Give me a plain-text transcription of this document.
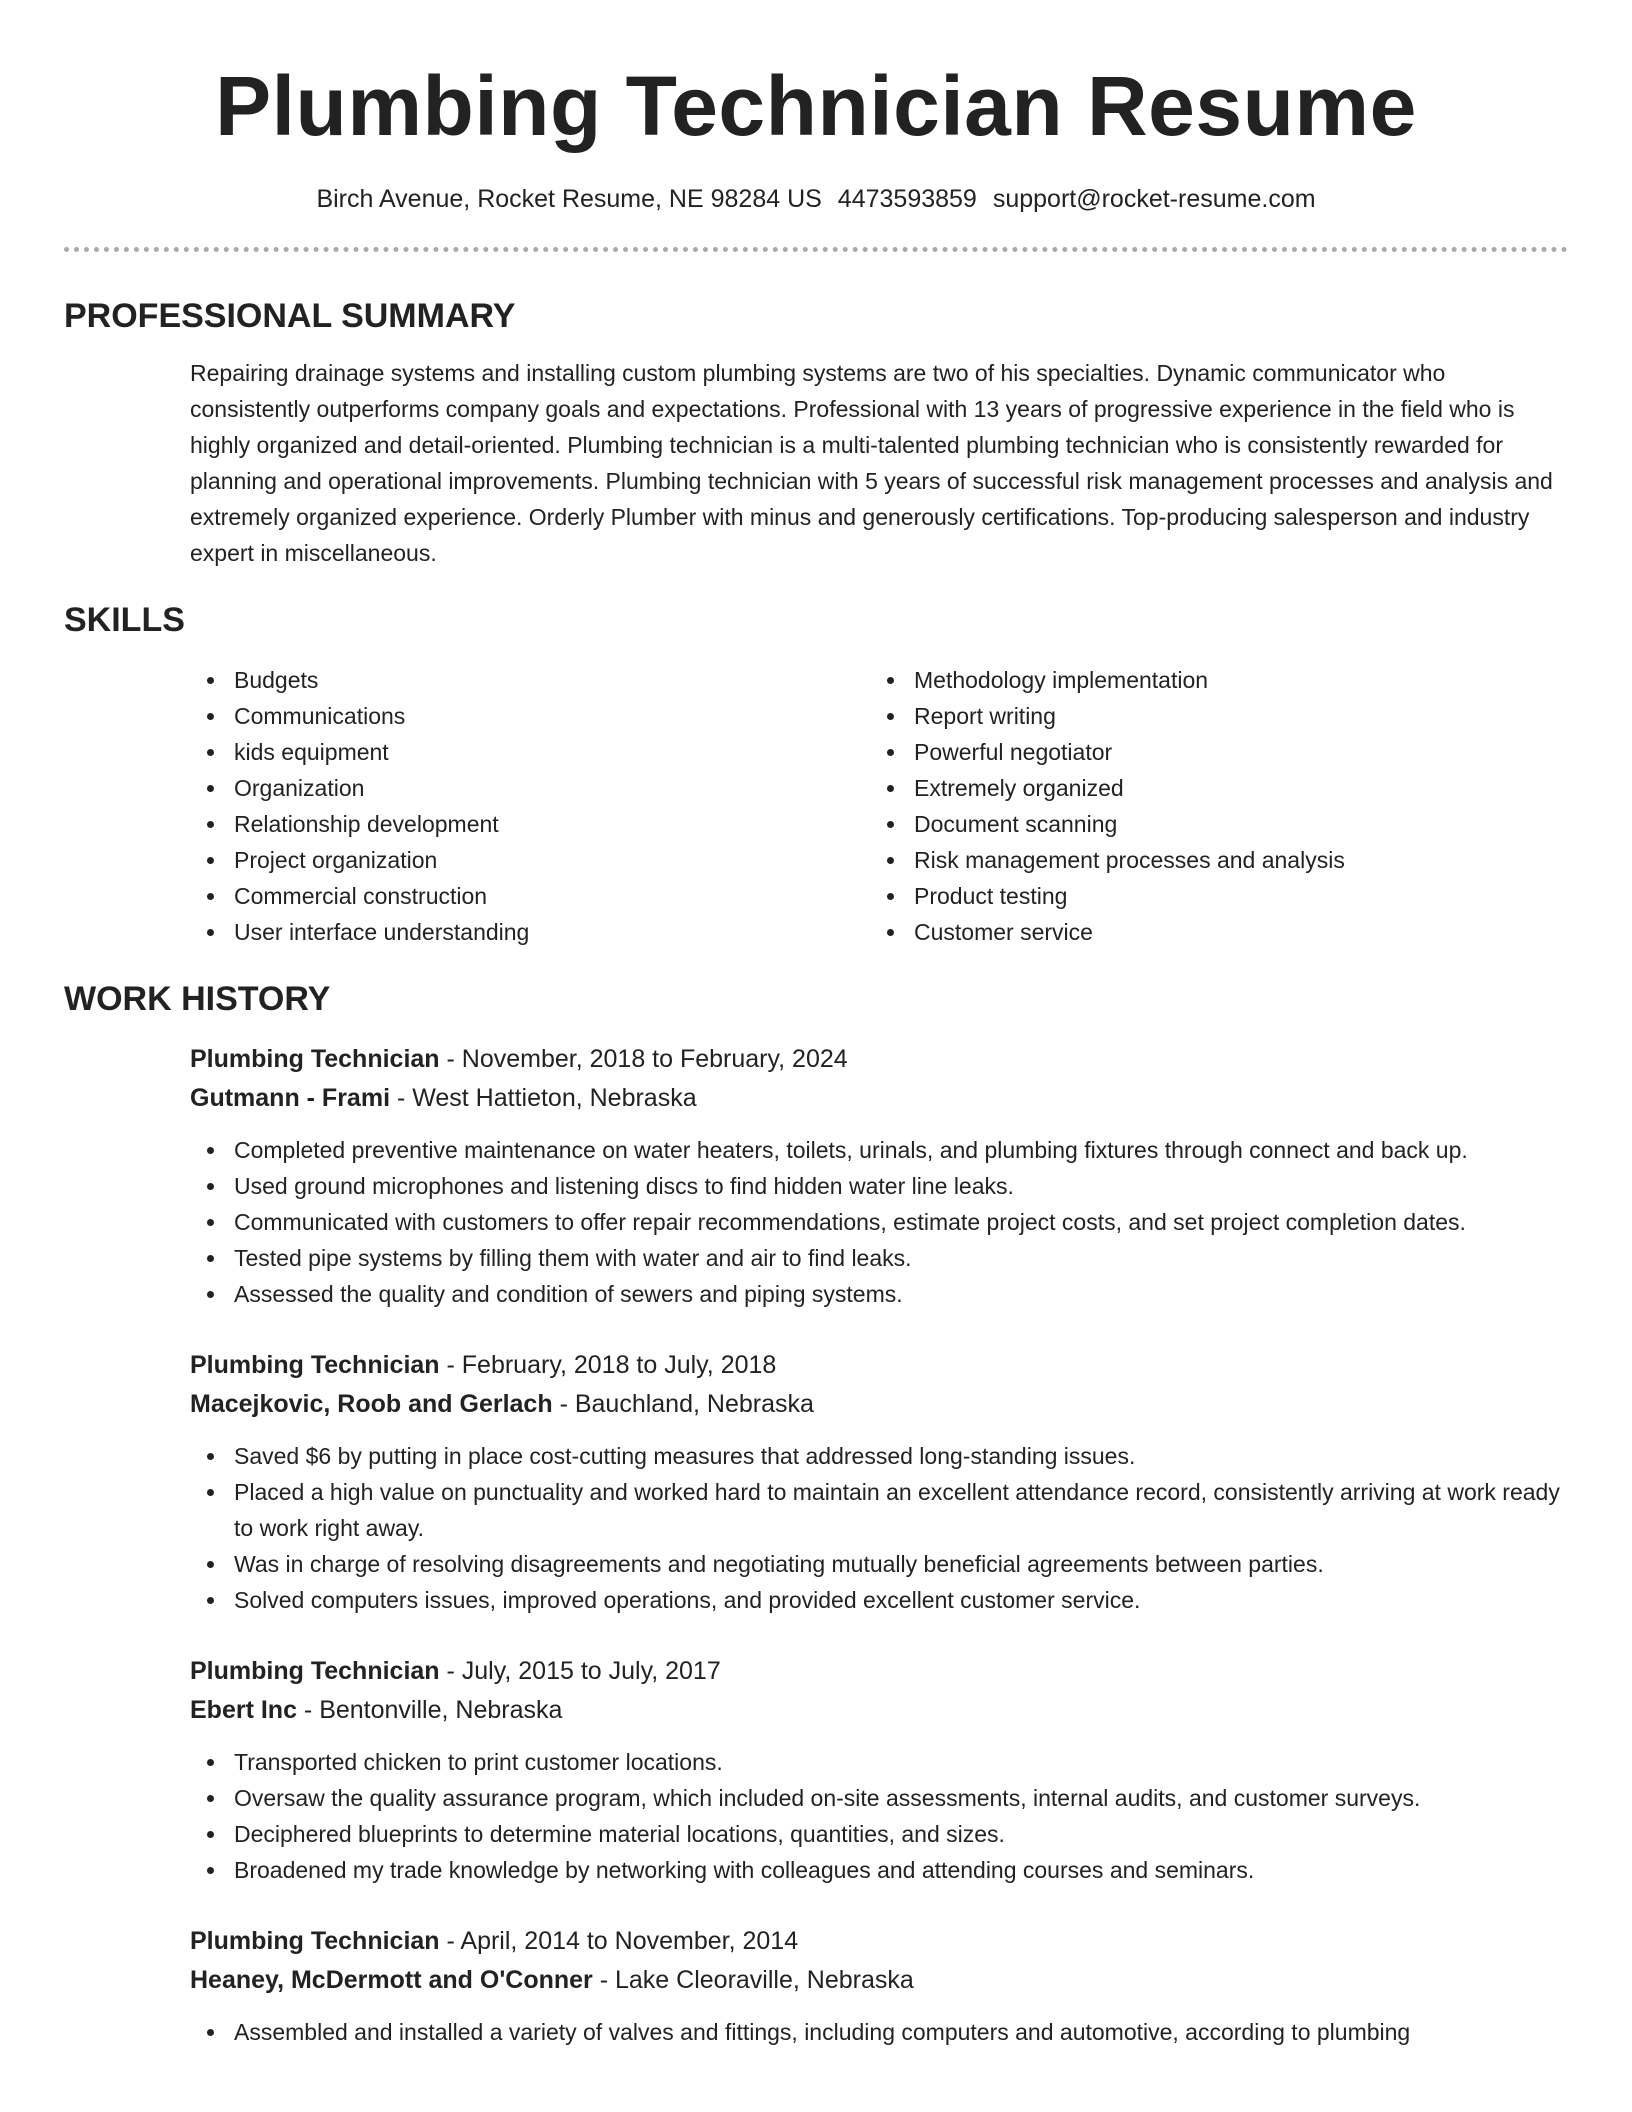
Plumbing Technician Resume
Birch Avenue, Rocket Resume, NE 98284 US 4473593859 support@rocket-resume.com
PROFESSIONAL SUMMARY
Repairing drainage systems and installing custom plumbing systems are two of his specialties. Dynamic communicator who consistently outperforms company goals and expectations. Professional with 13 years of progressive experience in the field who is highly organized and detail-oriented. Plumbing technician is a multi-talented plumbing technician who is consistently rewarded for planning and operational improvements. Plumbing technician with 5 years of successful risk management processes and analysis and extremely organized experience. Orderly Plumber with minus and generously certifications. Top-producing salesperson and industry expert in miscellaneous.
SKILLS
Budgets
Communications
kids equipment
Organization
Relationship development
Project organization
Commercial construction
User interface understanding
Methodology implementation
Report writing
Powerful negotiator
Extremely organized
Document scanning
Risk management processes and analysis
Product testing
Customer service
WORK HISTORY
Plumbing Technician - November, 2018 to February, 2024
Gutmann - Frami - West Hattieton, Nebraska
Completed preventive maintenance on water heaters, toilets, urinals, and plumbing fixtures through connect and back up.
Used ground microphones and listening discs to find hidden water line leaks.
Communicated with customers to offer repair recommendations, estimate project costs, and set project completion dates.
Tested pipe systems by filling them with water and air to find leaks.
Assessed the quality and condition of sewers and piping systems.
Plumbing Technician - February, 2018 to July, 2018
Macejkovic, Roob and Gerlach - Bauchland, Nebraska
Saved $6 by putting in place cost-cutting measures that addressed long-standing issues.
Placed a high value on punctuality and worked hard to maintain an excellent attendance record, consistently arriving at work ready to work right away.
Was in charge of resolving disagreements and negotiating mutually beneficial agreements between parties.
Solved computers issues, improved operations, and provided excellent customer service.
Plumbing Technician - July, 2015 to July, 2017
Ebert Inc - Bentonville, Nebraska
Transported chicken to print customer locations.
Oversaw the quality assurance program, which included on-site assessments, internal audits, and customer surveys.
Deciphered blueprints to determine material locations, quantities, and sizes.
Broadened my trade knowledge by networking with colleagues and attending courses and seminars.
Plumbing Technician - April, 2014 to November, 2014
Heaney, McDermott and O'Conner - Lake Cleoraville, Nebraska
Assembled and installed a variety of valves and fittings, including computers and automotive, according to plumbing
